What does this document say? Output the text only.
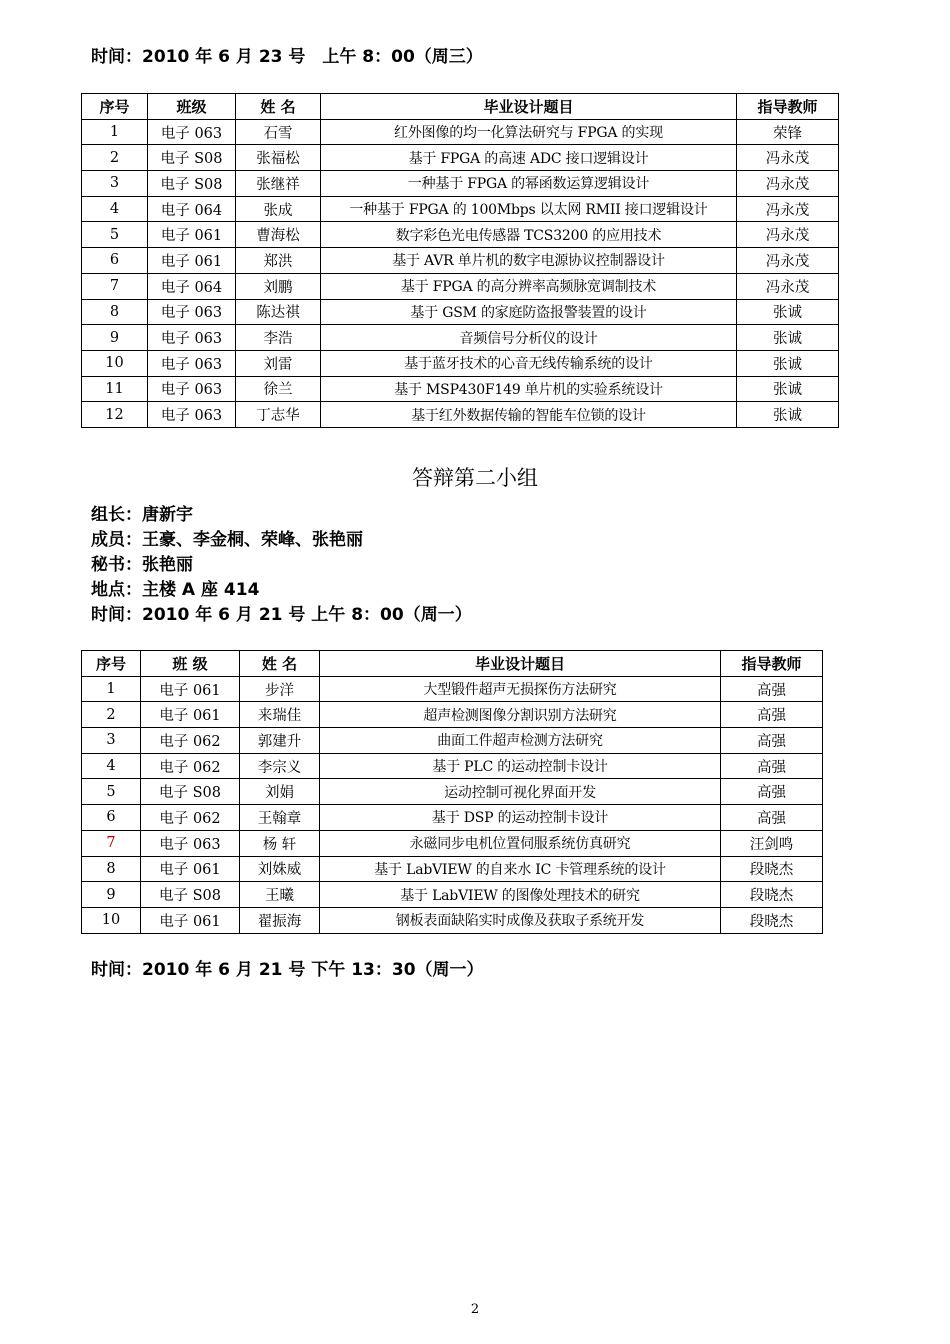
时间：2010 年 6 月 23 号　上午 8：00（周三）
序号	班级	姓 名	毕业设计题目	指导教师
1	电子 063	石雪	红外图像的均一化算法研究与 FPGA 的实现	荣锋
2	电子 S08	张福松	基于 FPGA 的高速 ADC 接口逻辑设计	冯永茂
3	电子 S08	张继祥	一种基于 FPGA 的幂函数运算逻辑设计	冯永茂
4	电子 064	张成	一种基于 FPGA 的 100Mbps 以太网 RMII 接口逻辑设计	冯永茂
5	电子 061	曹海松	数字彩色光电传感器 TCS3200 的应用技术	冯永茂
6	电子 061	郑洪	基于 AVR 单片机的数字电源协议控制器设计	冯永茂
7	电子 064	刘鹏	基于 FPGA 的高分辨率高频脉宽调制技术	冯永茂
8	电子 063	陈达祺	基于 GSM 的家庭防盗报警装置的设计	张诚
9	电子 063	李浩	音频信号分析仪的设计	张诚
10	电子 063	刘雷	基于蓝牙技术的心音无线传输系统的设计	张诚
11	电子 063	徐兰	基于 MSP430F149 单片机的实验系统设计	张诚
12	电子 063	丁志华	基于红外数据传输的智能车位锁的设计	张诚
答辩第二小组
组长：唐新宇
成员：王豪、李金桐、荣峰、张艳丽
秘书：张艳丽
地点：主楼 A 座 414
时间：2010 年 6 月 21 号 上午 8：00（周一）
序号	班 级	姓 名	毕业设计题目	指导教师
1	电子 061	步洋	大型锻件超声无损探伤方法研究	高强
2	电子 061	来瑞佳	超声检测图像分割识别方法研究	高强
3	电子 062	郭建升	曲面工件超声检测方法研究	高强
4	电子 062	李宗义	基于 PLC 的运动控制卡设计	高强
5	电子 S08	刘娟	运动控制可视化界面开发	高强
6	电子 062	王翰章	基于 DSP 的运动控制卡设计	高强
7	电子 063	杨 轩	永磁同步电机位置伺服系统仿真研究	汪剑鸣
8	电子 061	刘姝威	基于 LabVIEW 的自来水 IC 卡管理系统的设计	段晓杰
9	电子 S08	王曦	基于 LabVIEW 的图像处理技术的研究	段晓杰
10	电子 061	翟振海	钢板表面缺陷实时成像及获取子系统开发	段晓杰
时间：2010 年 6 月 21 号 下午 13：30（周一）
2
